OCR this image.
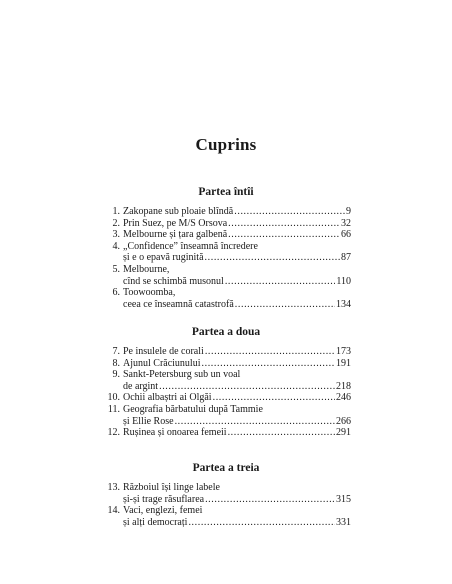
Cuprins
Partea întîi
1. Zakopane sub ploaie blîndă .....	9
2. Prin Suez, pe M/S Orsova .....	32
3. Melbourne și țara galbenă .....	66
4. „Confidence” înseamnă încredere
și e o epavă ruginită .....	87
5. Melbourne,
cînd se schimbă musonul .....	110
6. Toowoomba,
ceea ce înseamnă catastrofă .....	134
Partea a doua
7. Pe insulele de corali .....	173
8. Ajunul Crăciunului .....	191
9. Sankt-Petersburg sub un voal
de argint .....	218
10. Ochii albaștri ai Olgăi .....	246
11. Geografia bărbatului după Tammie
și Ellie Rose .....	266
12. Rușinea și onoarea femeii .....	291
Partea a treia
13. Războiul își linge labele
și-și trage răsuflarea .....	315
14. Vaci, englezi, femei
și alți democrați .....	331
